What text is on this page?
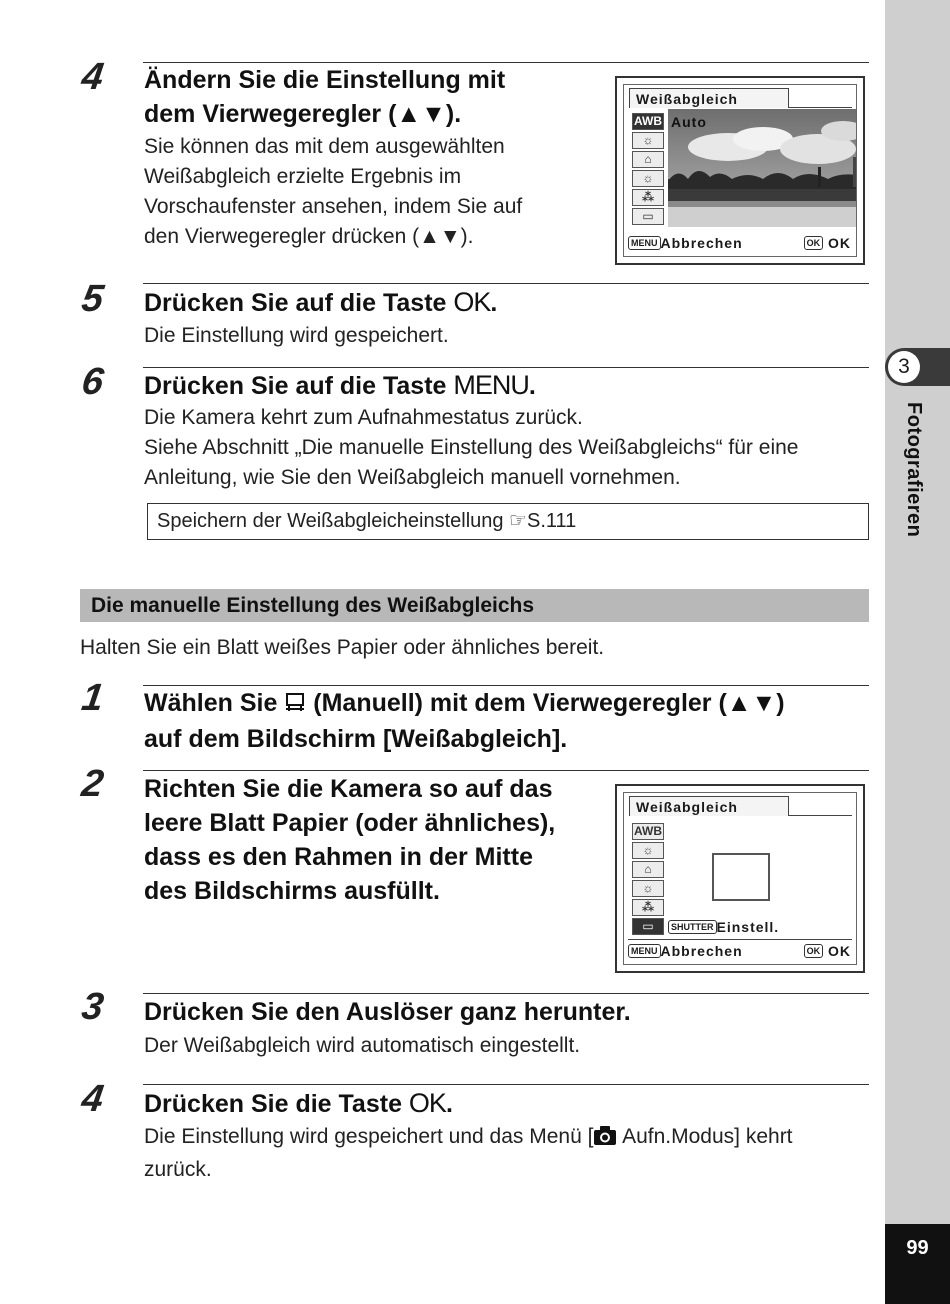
3
Fotografieren
99
4 Ändern Sie die Einstellung mit
dem Vierwegeregler (▲▼).
Sie können das mit dem ausgewählten
Weißabgleich erzielte Ergebnis im
Vorschaufenster ansehen, indem Sie auf
den Vierwegeregler drücken (▲▼).
Weißabgleich
AWB
☼
⌂
☼
⁂
▭
Auto
MENU Abbrechen	OK OK
5 Drücken Sie auf die Taste OK.
Die Einstellung wird gespeichert.
6 Drücken Sie auf die Taste MENU.
Die Kamera kehrt zum Aufnahmestatus zurück.
Siehe Abschnitt „Die manuelle Einstellung des Weißabgleichs“ für eine
Anleitung, wie Sie den Weißabgleich manuell vornehmen.
Speichern der Weißabgleicheinstellung ☞S.111
Die manuelle Einstellung des Weißabgleichs
Halten Sie ein Blatt weißes Papier oder ähnliches bereit.
1 Wählen Sie  (Manuell) mit dem Vierwegeregler (▲▼)
auf dem Bildschirm [Weißabgleich].
2 Richten Sie die Kamera so auf das
leere Blatt Papier (oder ähnliches),
dass es den Rahmen in der Mitte
des Bildschirms ausfüllt.
Weißabgleich
AWB
☼
⌂
☼
⁂
▭	SHUTTER Einstell.
MENU Abbrechen	OK OK
3 Drücken Sie den Auslöser ganz herunter.
Der Weißabgleich wird automatisch eingestellt.
4 Drücken Sie die Taste OK.
Die Einstellung wird gespeichert und das Menü [ Aufn.Modus] kehrt
zurück.
